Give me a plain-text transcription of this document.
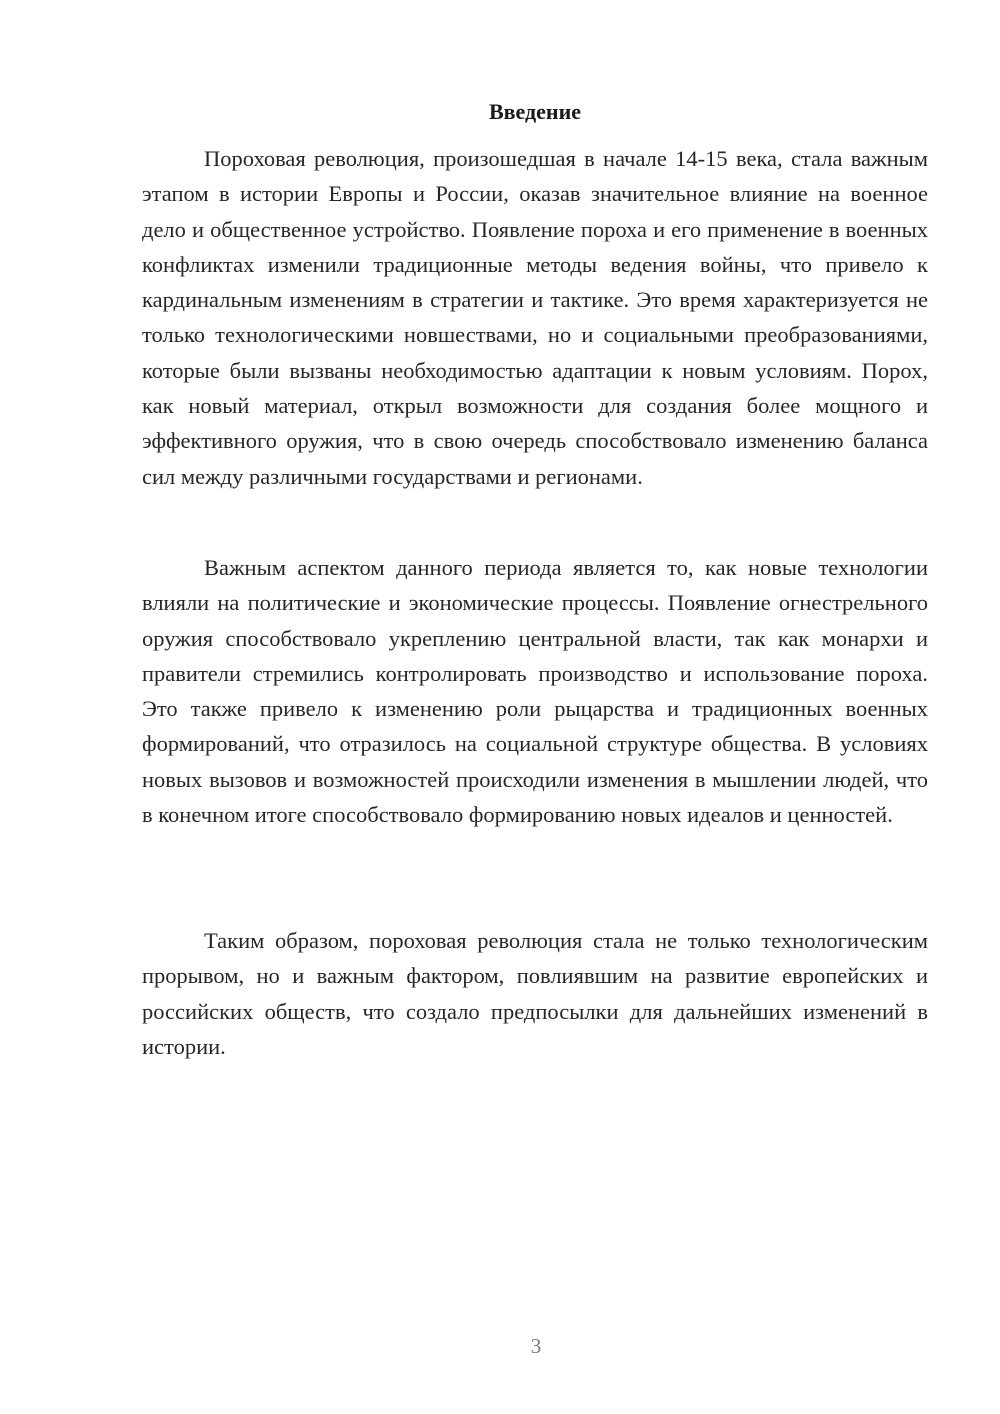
Введение

Пороховая революция, произошедшая в начале 14-15 века, стала важным этапом в истории Европы и России, оказав значительное влияние на военное дело и общественное устройство. Появление пороха и его применение в военных конфликтах изменили традиционные методы ведения войны, что привело к кардинальным изменениям в стратегии и тактике. Это время характеризуется не только технологическими новшествами, но и социальными преобразованиями, которые были вызваны необходимостью адаптации к новым условиям. Порох, как новый материал, открыл возможности для создания более мощного и эффективного оружия, что в свою очередь способствовало изменению баланса сил между различными государствами и регионами.

Важным аспектом данного периода является то, как новые технологии влияли на политические и экономические процессы. Появление огнестрельного оружия способствовало укреплению центральной власти, так как монархи и правители стремились контролировать производство и использование пороха. Это также привело к изменению роли рыцарства и традиционных военных формирований, что отразилось на социальной структуре общества. В условиях новых вызовов и возможностей происходили изменения в мышлении людей, что в конечном итоге способствовало формированию новых идеалов и ценностей.

Таким образом, пороховая революция стала не только технологическим прорывом, но и важным фактором, повлиявшим на развитие европейских и российских обществ, что создало предпосылки для дальнейших изменений в истории.

3
